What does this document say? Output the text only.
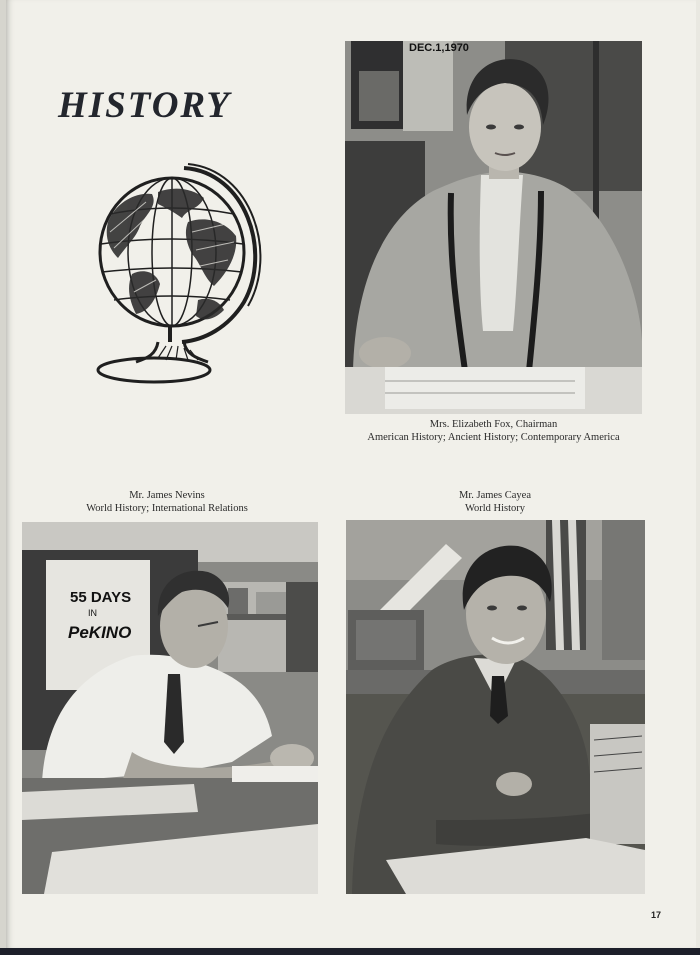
HISTORY
DEC.1,1970
Mrs. Elizabeth Fox, Chairman
American History; Ancient History; Contemporary America
Mr. James Nevins
World History; International Relations
Mr. James Cayea
World History
55 DAYS
IN
PeKINO
17
